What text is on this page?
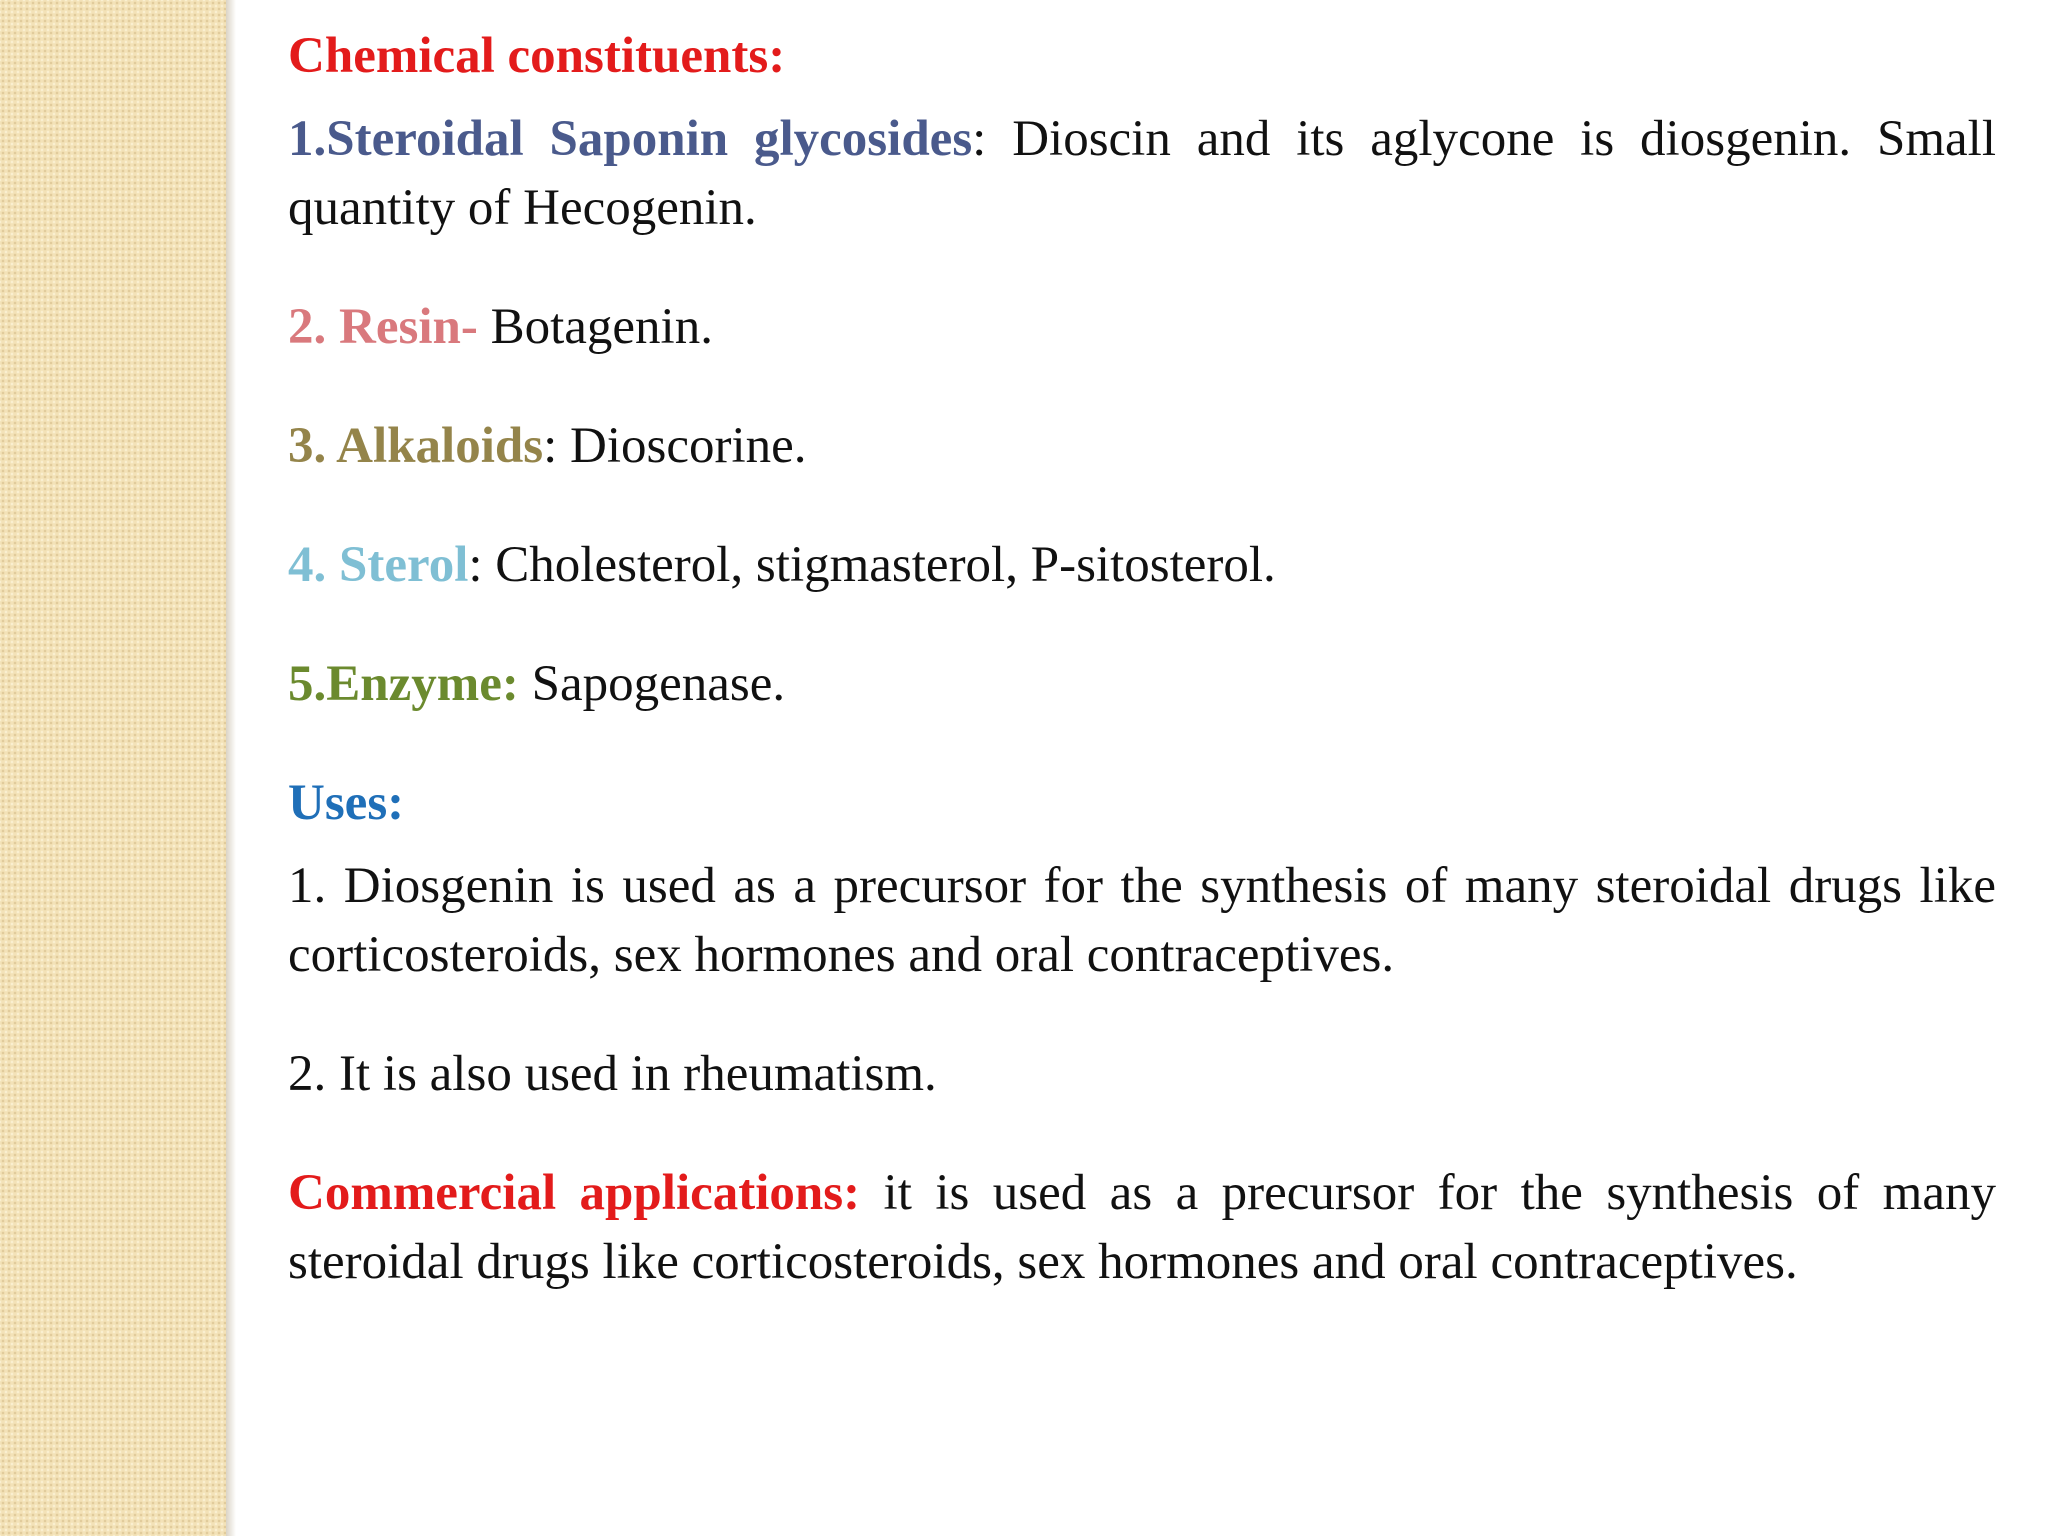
Chemical constituents:

1.Steroidal Saponin glycosides: Dioscin and its aglycone is diosgenin. Small quantity of Hecogenin.

2. Resin- Botagenin.

3. Alkaloids: Dioscorine.

4. Sterol: Cholesterol, stigmasterol, P-sitosterol.

5.Enzyme: Sapogenase.

Uses:

1. Diosgenin is used as a precursor for the synthesis of many steroidal drugs like corticosteroids, sex hormones and oral contraceptives.

2. It is also used in rheumatism.

Commercial applications: it is used as a precursor for the synthesis of many steroidal drugs like corticosteroids, sex hormones and oral contraceptives.
